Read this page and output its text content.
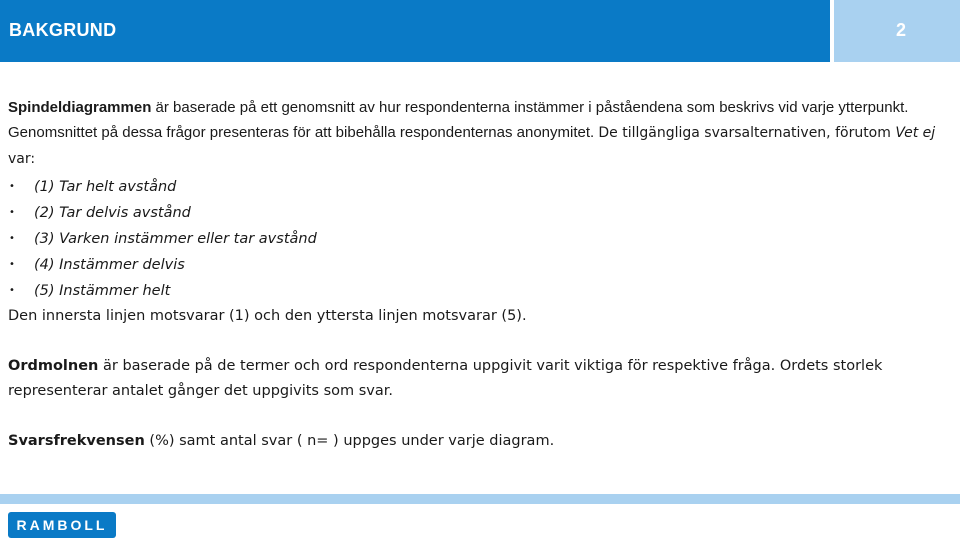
BAKGRUND	2

Spindeldiagrammen är baserade på ett genomsnitt av hur respondenterna instämmer i påståendena som beskrivs vid varje ytterpunkt. Genomsnittet på dessa frågor presenteras för att bibehålla respondenternas anonymitet. De tillgängliga svarsalternativen, förutom Vet ej var:

• (1) Tar helt avstånd
• (2) Tar delvis avstånd
• (3) Varken instämmer eller tar avstånd
• (4) Instämmer delvis
• (5) Instämmer helt

Den innersta linjen motsvarar (1) och den yttersta linjen motsvarar (5).

Ordmolnen är baserade på de termer och ord respondenterna uppgivit varit viktiga för respektive fråga. Ordets storlek representerar antalet gånger det uppgivits som svar.

Svarsfrekvensen (%) samt antal svar ( n= ) uppges under varje diagram.

RAMBOLL
